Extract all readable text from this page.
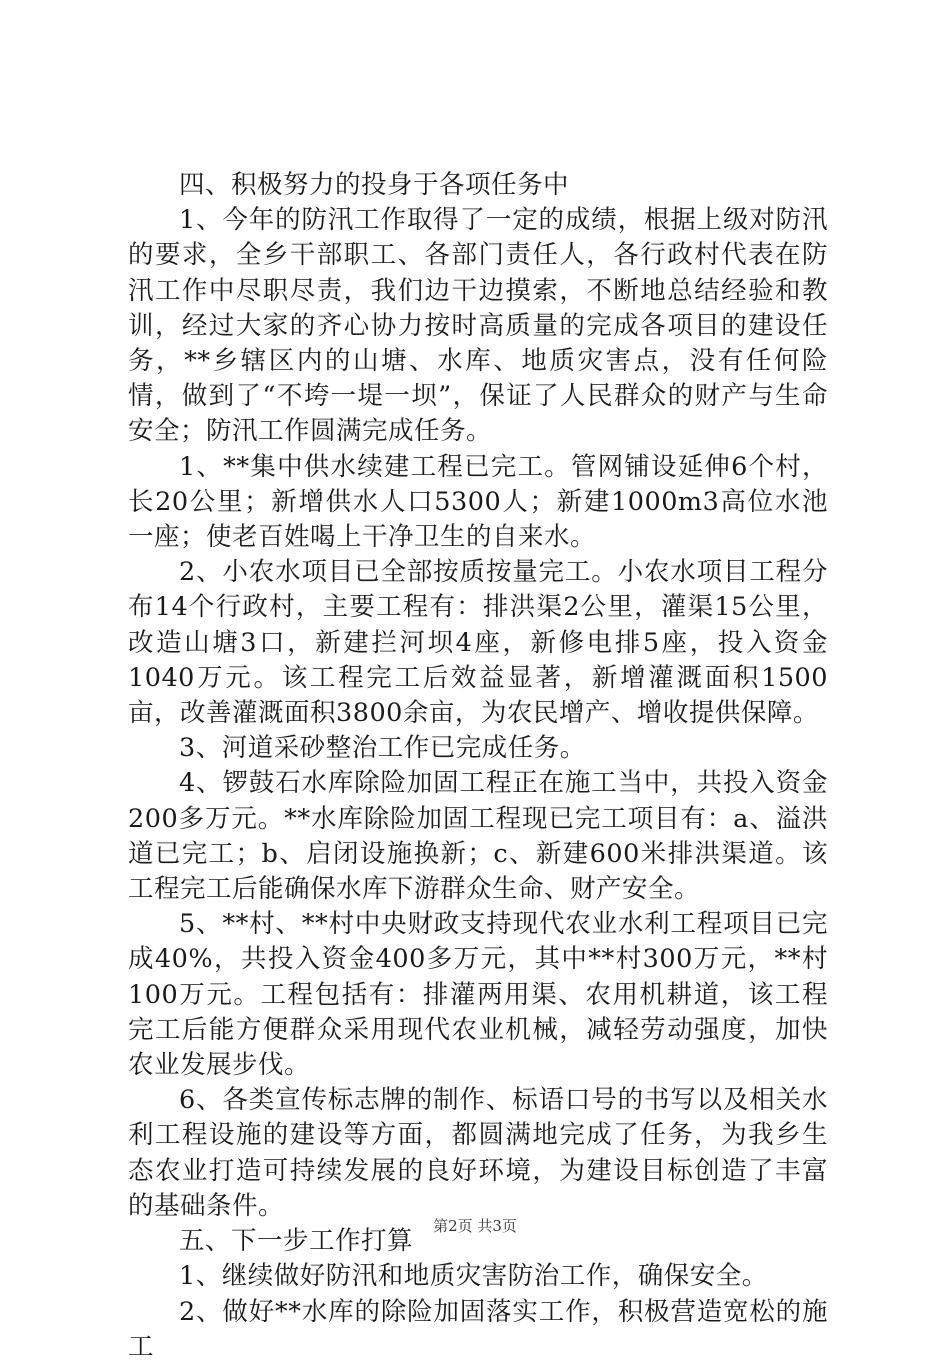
四、积极努力的投身于各项任务中

1、今年的防汛工作取得了一定的成绩，根据上级对防汛的要求，全乡干部职工、各部门责任人，各行政村代表在防汛工作中尽职尽责，我们边干边摸索，不断地总结经验和教训，经过大家的齐心协力按时高质量的完成各项目的建设任务，**乡辖区内的山塘、水库、地质灾害点，没有任何险情，做到了“不垮一堤一坝”，保证了人民群众的财产与生命安全；防汛工作圆满完成任务。

1、**集中供水续建工程已完工。管网铺设延伸6个村，长20公里；新增供水人口5300人；新建1000m3高位水池一座；使老百姓喝上干净卫生的自来水。

2、小农水项目已全部按质按量完工。小农水项目工程分布14个行政村，主要工程有：排洪渠2公里，灌渠15公里，改造山塘3口，新建拦河坝4座，新修电排5座，投入资金1040万元。该工程完工后效益显著，新增灌溉面积1500亩，改善灌溉面积3800余亩，为农民增产、增收提供保障。

3、河道采砂整治工作已完成任务。

4、锣鼓石水库除险加固工程正在施工当中，共投入资金200多万元。**水库除险加固工程现已完工项目有：a、溢洪道已完工；b、启闭设施换新；c、新建600米排洪渠道。该工程完工后能确保水库下游群众生命、财产安全。

5、**村、**村中央财政支持现代农业水利工程项目已完成40%，共投入资金400多万元，其中**村300万元，**村100万元。工程包括有：排灌两用渠、农用机耕道，该工程完工后能方便群众采用现代农业机械，减轻劳动强度，加快农业发展步伐。

6、各类宣传标志牌的制作、标语口号的书写以及相关水利工程设施的建设等方面，都圆满地完成了任务，为我乡生态农业打造可持续发展的良好环境，为建设目标创造了丰富的基础条件。

五、下一步工作打算

1、继续做好防汛和地质灾害防治工作，确保安全。

2、做好**水库的除险加固落实工作，积极营造宽松的施工

第2页 共3页
